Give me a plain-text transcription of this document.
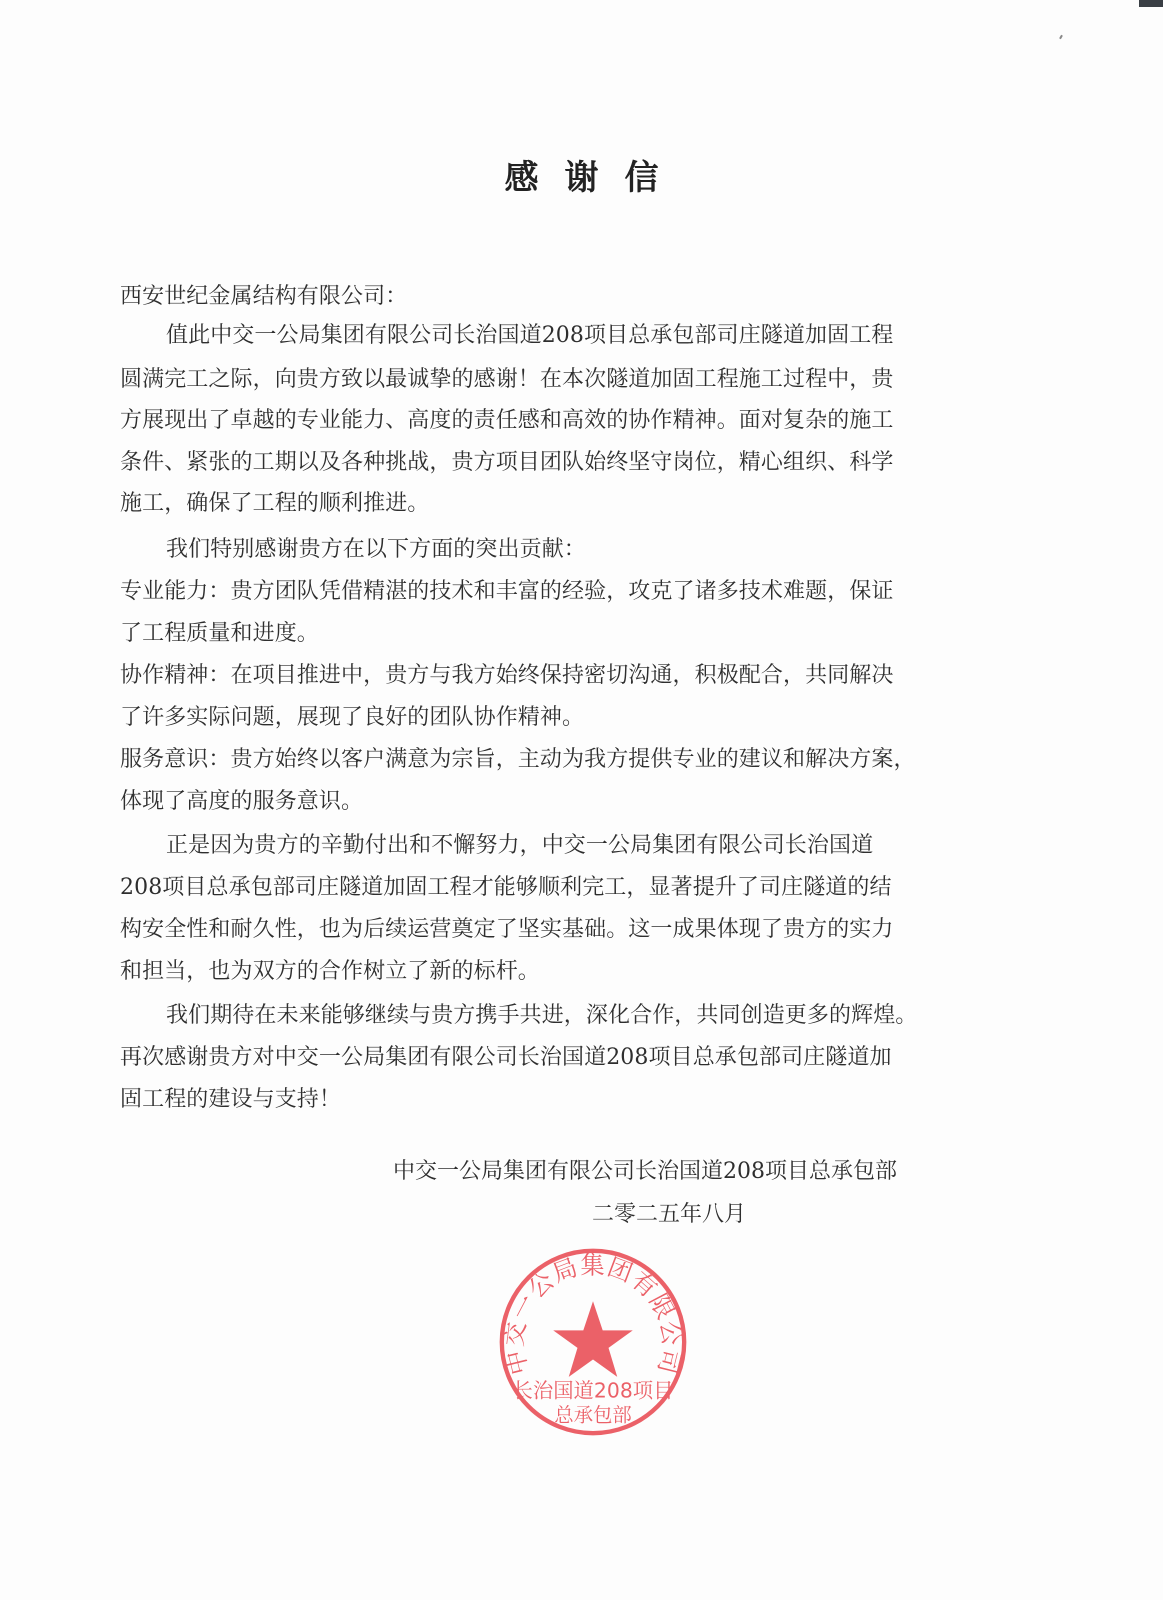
感谢信
西安世纪金属结构有限公司：
值此中交一公局集团有限公司长治国道208项目总承包部司庄隧道加固工程
圆满完工之际，向贵方致以最诚挚的感谢！在本次隧道加固工程施工过程中，贵
方展现出了卓越的专业能力、高度的责任感和高效的协作精神。面对复杂的施工
条件、紧张的工期以及各种挑战，贵方项目团队始终坚守岗位，精心组织、科学
施工，确保了工程的顺利推进。
我们特别感谢贵方在以下方面的突出贡献：
专业能力：贵方团队凭借精湛的技术和丰富的经验，攻克了诸多技术难题，保证
了工程质量和进度。
协作精神：在项目推进中，贵方与我方始终保持密切沟通，积极配合，共同解决
了许多实际问题，展现了良好的团队协作精神。
服务意识：贵方始终以客户满意为宗旨，主动为我方提供专业的建议和解决方案，
体现了高度的服务意识。
正是因为贵方的辛勤付出和不懈努力，中交一公局集团有限公司长治国道
208项目总承包部司庄隧道加固工程才能够顺利完工，显著提升了司庄隧道的结
构安全性和耐久性，也为后续运营奠定了坚实基础。这一成果体现了贵方的实力
和担当，也为双方的合作树立了新的标杆。
我们期待在未来能够继续与贵方携手共进，深化合作，共同创造更多的辉煌。
再次感谢贵方对中交一公局集团有限公司长治国道208项目总承包部司庄隧道加
固工程的建设与支持！
中交一公局集团有限公司长治国道208项目总承包部
二零二五年八月
中交一公局集团有限公司
长治国道208项目
总承包部
